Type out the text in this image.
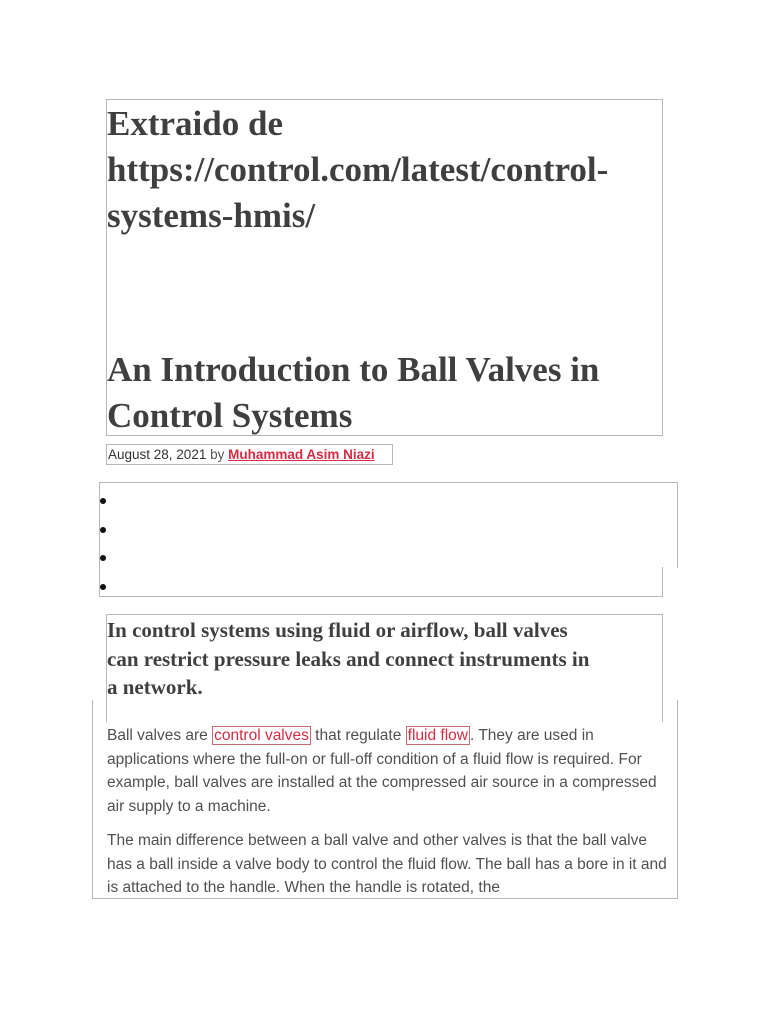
Extraido de
https://control.com/latest/control-
systems-hmis/
An Introduction to Ball Valves in
Control Systems
August 28, 2021 by Muhammad Asim Niazi
In control systems using fluid or airflow, ball valves
can restrict pressure leaks and connect instruments in
a network.

Ball valves are control valves that regulate fluid flow . They are used in applications where the full-on or full-off condition of a fluid flow is required. For example, ball valves are installed at the compressed air source in a compressed air supply to a machine.

The main difference between a ball valve and other valves is that the ball valve has a ball inside a valve body to control the fluid flow. The ball has a bore in it and is attached to the handle. When the handle is rotated, the
